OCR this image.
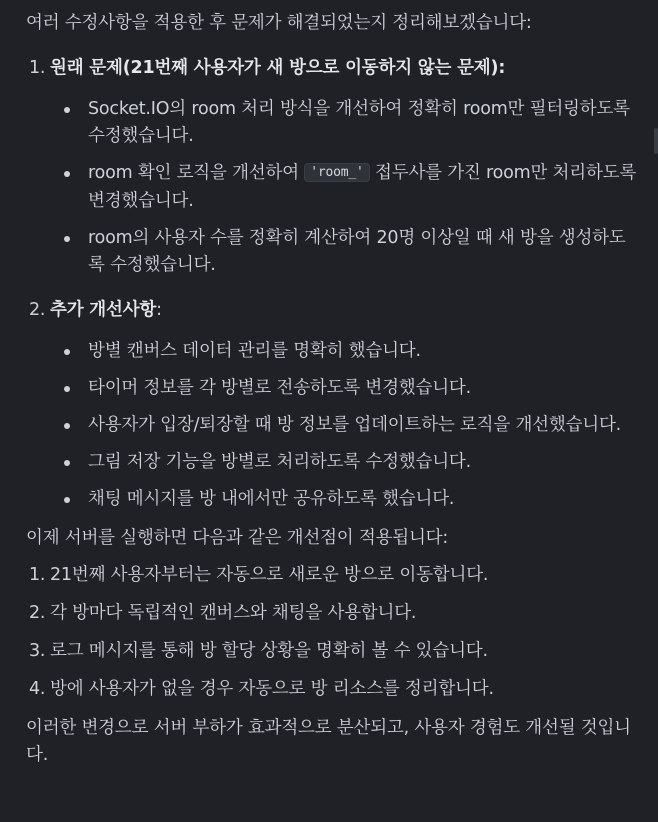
여러 수정사항을 적용한 후 문제가 해결되었는지 정리해보겠습니다:

1. 원래 문제(21번째 사용자가 새 방으로 이동하지 않는 문제):
Socket.IO의 room 처리 방식을 개선하여 정확히 room만 필터링하도록 수정했습니다.
room 확인 로직을 개선하여 'room_' 접두사를 가진 room만 처리하도록 변경했습니다.
room의 사용자 수를 정확히 계산하여 20명 이상일 때 새 방을 생성하도록 수정했습니다.
2. 추가 개선사항:
방별 캔버스 데이터 관리를 명확히 했습니다.
타이머 정보를 각 방별로 전송하도록 변경했습니다.
사용자가 입장/퇴장할 때 방 정보를 업데이트하는 로직을 개선했습니다.
그림 저장 기능을 방별로 처리하도록 수정했습니다.
채팅 메시지를 방 내에서만 공유하도록 했습니다.

이제 서버를 실행하면 다음과 같은 개선점이 적용됩니다:

1. 21번째 사용자부터는 자동으로 새로운 방으로 이동합니다.
2. 각 방마다 독립적인 캔버스와 채팅을 사용합니다.
3. 로그 메시지를 통해 방 할당 상황을 명확히 볼 수 있습니다.
4. 방에 사용자가 없을 경우 자동으로 방 리소스를 정리합니다.

이러한 변경으로 서버 부하가 효과적으로 분산되고, 사용자 경험도 개선될 것입니다.
